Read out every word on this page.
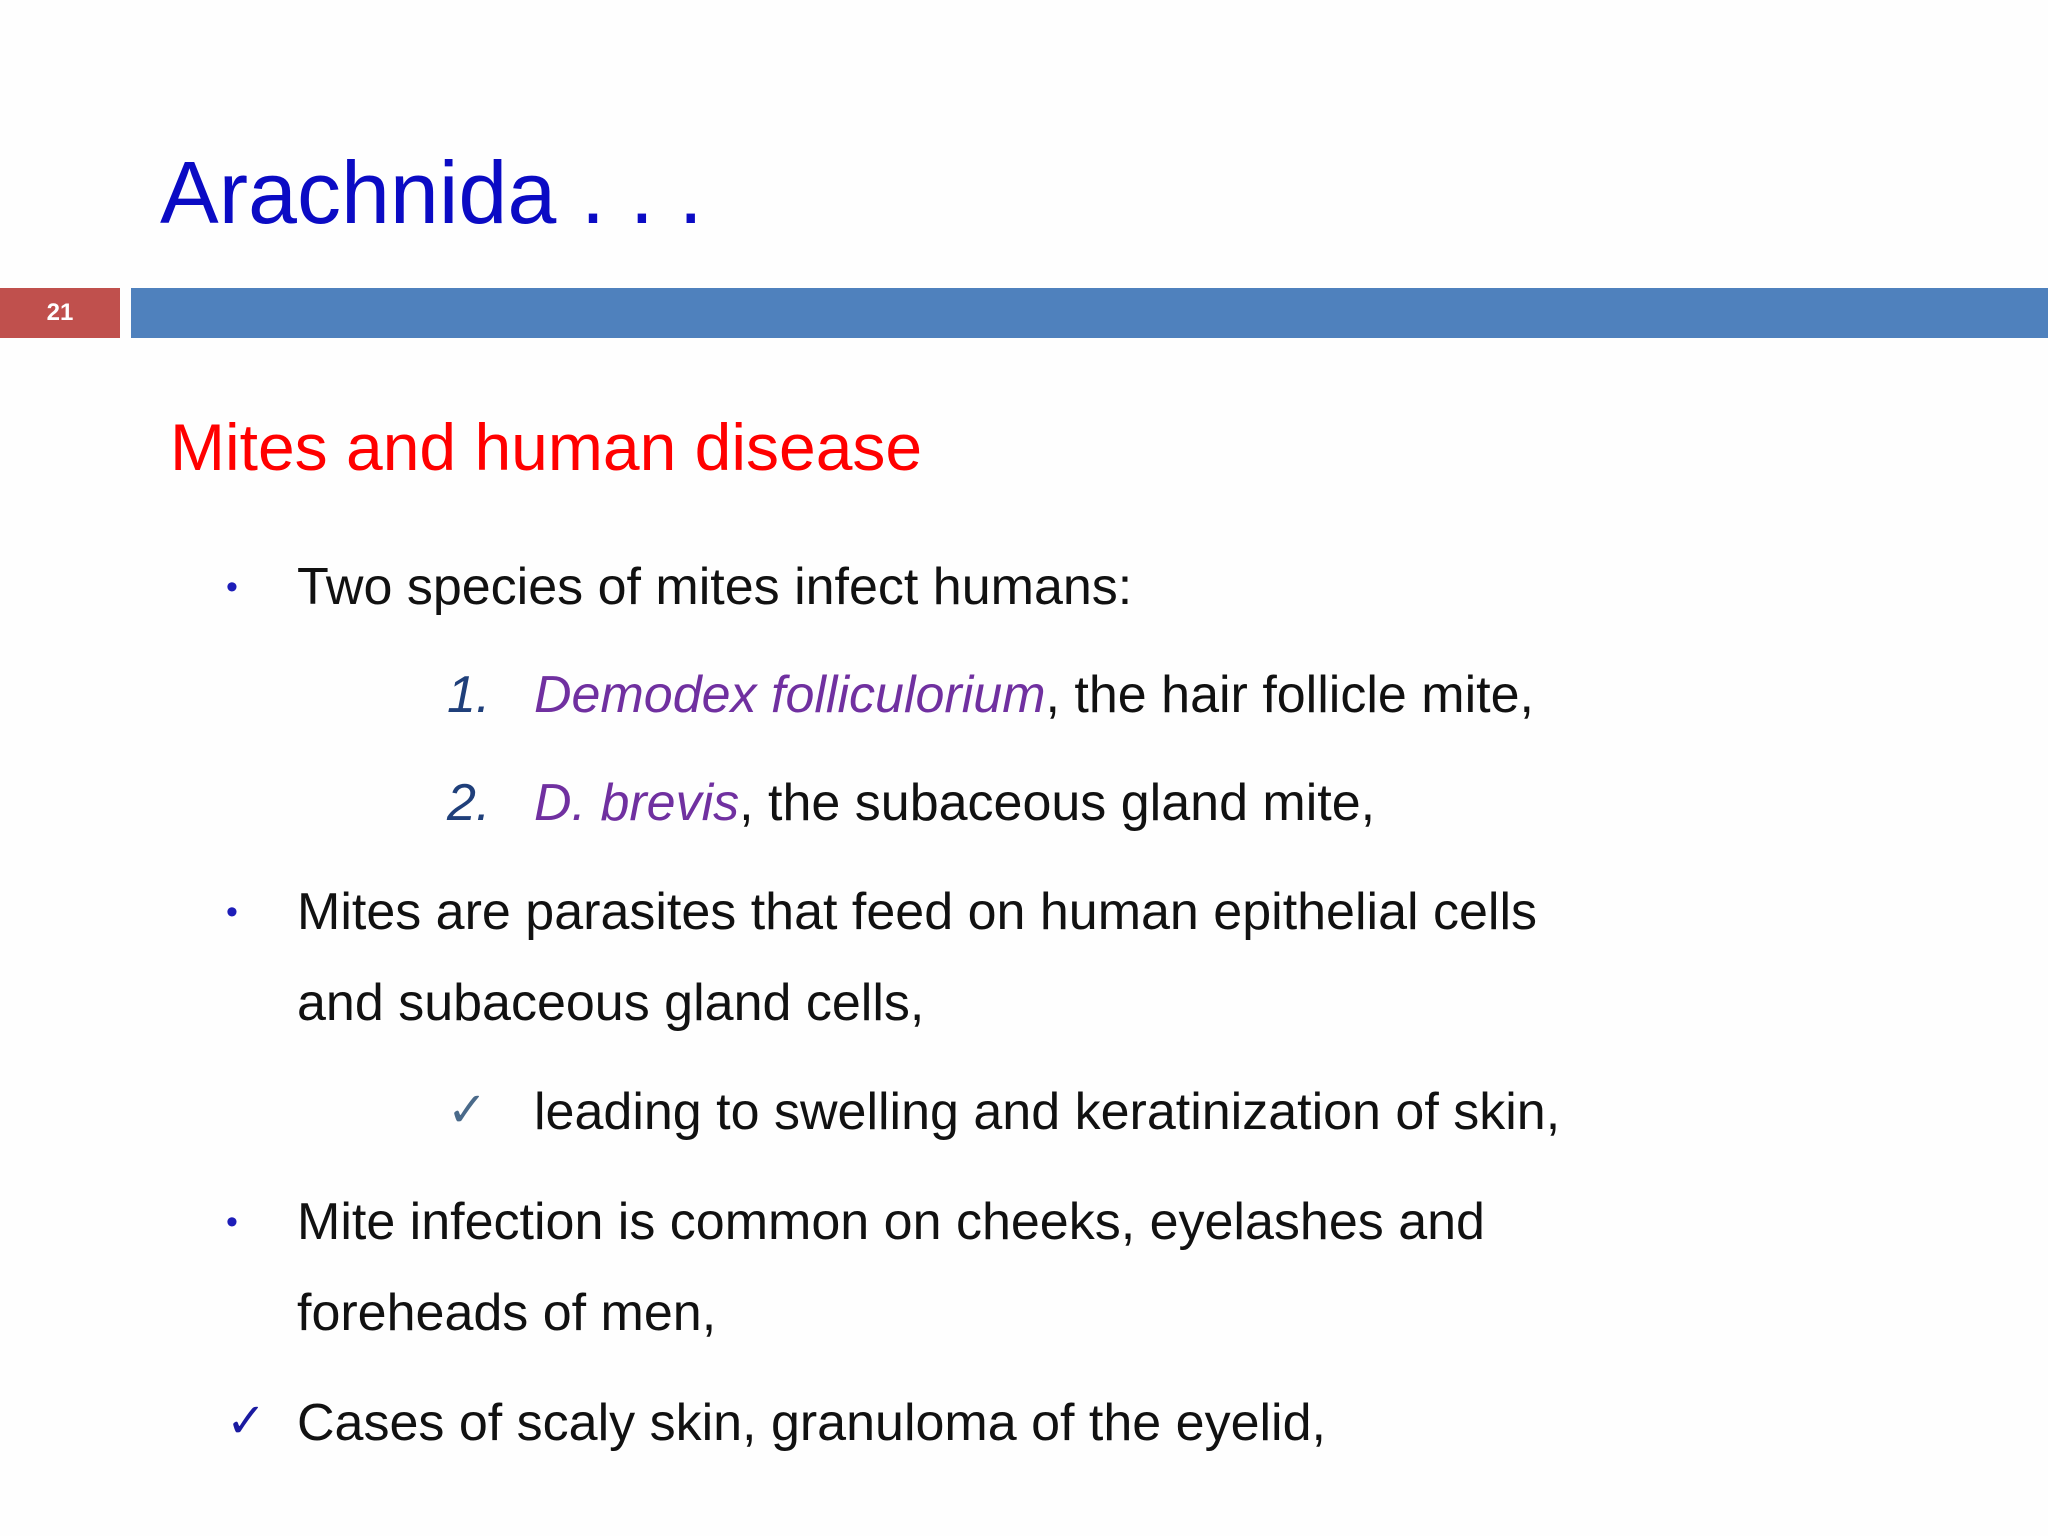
Arachnida . . .
21
Mites and human disease
• Two species of mites infect humans:
1. Demodex folliculorium, the hair follicle mite,
2. D. brevis, the subaceous gland mite,
• Mites are parasites that feed on human epithelial cells
and subaceous gland cells,
✓ leading to swelling and keratinization of skin,
• Mite infection is common on cheeks, eyelashes and
foreheads of men,
✓ Cases of scaly skin, granuloma of the eyelid,
